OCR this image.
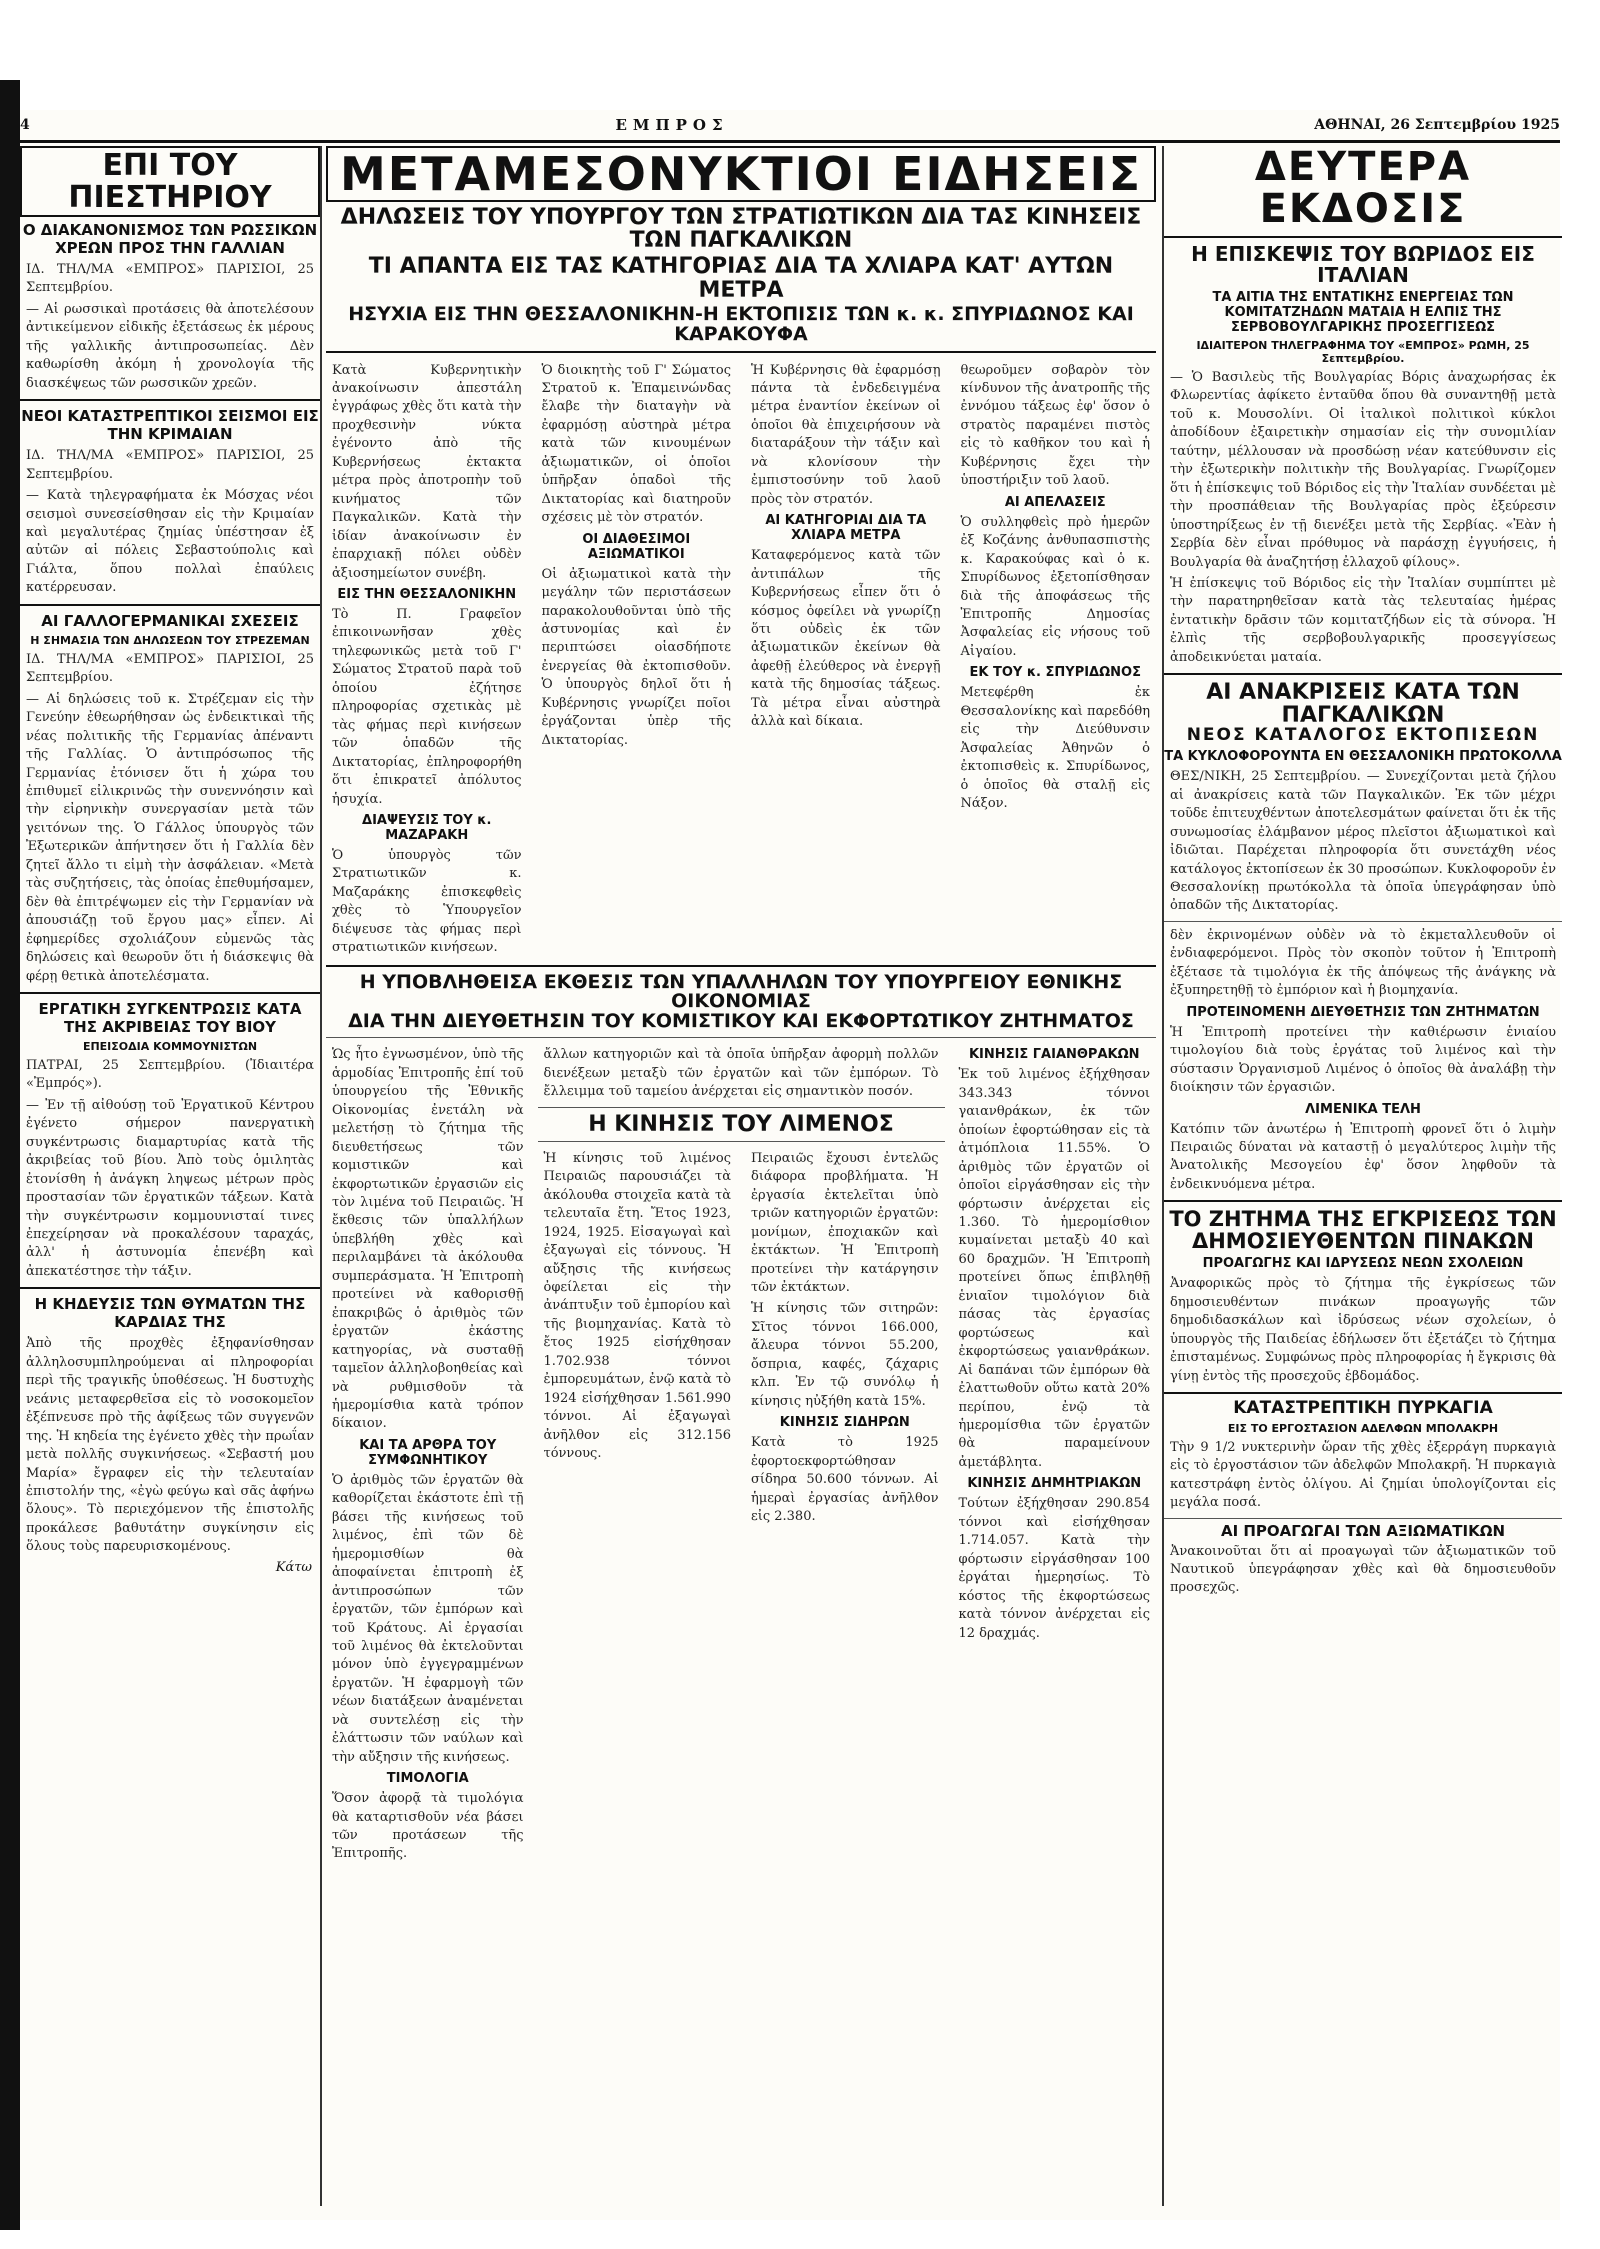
4	ΕΜΠΡΟΣ	ΑΘΗΝΑΙ, 26 Σεπτεμβρίου 1925

ΕΠΙ ΤΟΥ ΠΙΕΣΤΗΡΙΟΥ

Ο ΔΙΑΚΑΝΟΝΙΣΜΟΣ ΤΩΝ ΡΩΣΣΙΚΩΝ ΧΡΕΩΝ ΠΡΟΣ ΤΗΝ ΓΑΛΛΙΑΝ

ΙΔ. ΤΗΛ/ΜΑ «ΕΜΠΡΟΣ» ΠΑΡΙΣΙΟΙ, 25 Σεπτεμβρίου.

— Αἱ ρωσσικαὶ προτάσεις θὰ ἀποτελέσουν ἀντικείμενον εἰδικῆς ἐξετάσεως ἐκ μέρους τῆς γαλλικῆς ἀντιπροσωπείας. Δὲν καθωρίσθη ἀκόμη ἡ χρονολογία τῆς διασκέψεως τῶν ρωσσικῶν χρεῶν.

ΝΕΟΙ ΚΑΤΑΣΤΡΕΠΤΙΚΟΙ ΣΕΙΣΜΟΙ ΕΙΣ ΤΗΝ ΚΡΙΜΑΙΑΝ

ΙΔ. ΤΗΛ/ΜΑ «ΕΜΠΡΟΣ» ΠΑΡΙΣΙΟΙ, 25 Σεπτεμβρίου.

— Κατὰ τηλεγραφήματα ἐκ Μόσχας νέοι σεισμοὶ συνεσείσθησαν εἰς τὴν Κριμαίαν καὶ μεγαλυτέρας ζημίας ὑπέστησαν ἐξ αὐτῶν αἱ πόλεις Σεβαστούπολις καὶ Γιάλτα, ὅπου πολλαὶ ἐπαύλεις κατέρρευσαν.

ΑΙ ΓΑΛΛΟΓΕΡΜΑΝΙΚΑΙ ΣΧΕΣΕΙΣ

Η ΣΗΜΑΣΙΑ ΤΩΝ ΔΗΛΩΣΕΩΝ ΤΟΥ ΣΤΡΕΖΕΜΑΝ

ΙΔ. ΤΗΛ/ΜΑ «ΕΜΠΡΟΣ» ΠΑΡΙΣΙΟΙ, 25 Σεπτεμβρίου.

— Αἱ δηλώσεις τοῦ κ. Στρέζεμαν εἰς τὴν Γενεύην ἐθεωρήθησαν ὡς ἐνδεικτικαὶ τῆς νέας πολιτικῆς τῆς Γερμανίας ἀπέναντι τῆς Γαλλίας. Ὁ ἀντιπρόσωπος τῆς Γερμανίας ἐτόνισεν ὅτι ἡ χώρα του ἐπιθυμεῖ εἰλικρινῶς τὴν συνεννόησιν καὶ τὴν εἰρηνικὴν συνεργασίαν μετὰ τῶν γειτόνων της. Ὁ Γάλλος ὑπουργὸς τῶν Ἐξωτερικῶν ἀπήντησεν ὅτι ἡ Γαλλία δὲν ζητεῖ ἄλλο τι εἰμὴ τὴν ἀσφάλειαν. «Μετὰ τὰς συζητήσεις, τὰς ὁποίας ἐπεθυμήσαμεν, δὲν θὰ ἐπιτρέψωμεν εἰς τὴν Γερμανίαν νὰ ἀπουσιάζῃ τοῦ ἔργου μας» εἶπεν. Αἱ ἐφημερίδες σχολιάζουν εὐμενῶς τὰς δηλώσεις καὶ θεωροῦν ὅτι ἡ διάσκεψις θὰ φέρῃ θετικὰ ἀποτελέσματα.

ΕΡΓΑΤΙΚΗ ΣΥΓΚΕΝΤΡΩΣΙΣ ΚΑΤΑ ΤΗΣ ΑΚΡΙΒΕΙΑΣ ΤΟΥ ΒΙΟΥ

ΕΠΕΙΣΟΔΙΑ ΚΟΜΜΟΥΝΙΣΤΩΝ

ΠΑΤΡΑΙ, 25 Σεπτεμβρίου. (Ἰδιαιτέρα «Ἐμπρός»).

— Ἐν τῇ αἰθούσῃ τοῦ Ἐργατικοῦ Κέντρου ἐγένετο σήμερον πανεργατικὴ συγκέντρωσις διαμαρτυρίας κατὰ τῆς ἀκριβείας τοῦ βίου. Ἀπὸ τοὺς ὁμιλητὰς ἐτονίσθη ἡ ἀνάγκη ληψεως μέτρων πρὸς προστασίαν τῶν ἐργατικῶν τάξεων. Κατὰ τὴν συγκέντρωσιν κομμουνισταί τινες ἐπεχείρησαν νὰ προκαλέσουν ταραχάς, ἀλλ' ἡ ἀστυνομία ἐπενέβη καὶ ἀπεκατέστησε τὴν τάξιν.

Η ΚΗΔΕΥΣΙΣ ΤΩΝ ΘΥΜΑΤΩΝ ΤΗΣ ΚΑΡΔΙΑΣ ΤΗΣ

Ἀπὸ τῆς προχθὲς ἐξηφανίσθησαν ἀλληλοσυμπληρούμεναι αἱ πληροφορίαι περὶ τῆς τραγικῆς ὑποθέσεως. Ἡ δυστυχὴς νεάνις μεταφερθεῖσα εἰς τὸ νοσοκομεῖον ἐξέπνευσε πρὸ τῆς ἀφίξεως τῶν συγγενῶν της. Ἡ κηδεία της ἐγένετο χθὲς τὴν πρωΐαν μετὰ πολλῆς συγκινήσεως. «Σεβαστή μου Μαρία» ἔγραφεν εἰς τὴν τελευταίαν ἐπιστολήν της, «ἐγὼ φεύγω καὶ σᾶς ἀφήνω ὅλους». Τὸ περιεχόμενον τῆς ἐπιστολῆς προκάλεσε βαθυτάτην συγκίνησιν εἰς ὅλους τοὺς παρευρισκομένους.

Κάτω

ΜΕΤΑΜΕΣΟΝΥΚΤΙΟΙ ΕΙΔΗΣΕΙΣ

ΔΗΛΩΣΕΙΣ ΤΟΥ ΥΠΟΥΡΓΟΥ ΤΩΝ ΣΤΡΑΤΙΩΤΙΚΩΝ ΔΙΑ ΤΑΣ ΚΙΝΗΣΕΙΣ ΤΩΝ ΠΑΓΚΑΛΙΚΩΝ

ΤΙ ΑΠΑΝΤΑ ΕΙΣ ΤΑΣ ΚΑΤΗΓΟΡΙΑΣ ΔΙΑ ΤΑ ΧΛΙΑΡΑ ΚΑΤ' ΑΥΤΩΝ ΜΕΤΡΑ

ΗΣΥΧΙΑ ΕΙΣ ΤΗΝ ΘΕΣΣΑΛΟΝΙΚΗΝ-Η ΕΚΤΟΠΙΣΙΣ ΤΩΝ κ. κ. ΣΠΥΡΙΔΩΝΟΣ ΚΑΙ ΚΑΡΑΚΟΥΦΑ

Κατὰ Κυβερνητικὴν ἀνακοίνωσιν ἀπεστάλη ἐγγράφως χθὲς ὅτι κατὰ τὴν προχθεσινὴν νύκτα ἐγένοντο ἀπὸ τῆς Κυβερνήσεως ἐκτακτα μέτρα πρὸς ἀποτροπὴν τοῦ κινήματος τῶν Παγκαλικῶν. Κατὰ τὴν ἰδίαν ἀνακοίνωσιν ἐν ἐπαρχιακῇ πόλει οὐδὲν ἀξιοσημείωτον συνέβη.

ΕΙΣ ΤΗΝ ΘΕΣΣΑΛΟΝΙΚΗΝ

Τὸ Π. Γραφεῖον ἐπικοινωνῆσαν χθὲς τηλεφωνικῶς μετὰ τοῦ Γ' Σώματος Στρατοῦ παρὰ τοῦ ὁποίου ἐζήτησε πληροφορίας σχετικὰς μὲ τὰς φήμας περὶ κινήσεων τῶν ὁπαδῶν τῆς Δικτατορίας, ἐπληροφορήθη ὅτι ἐπικρατεῖ ἀπόλυτος ἡσυχία.

ΔΙΑΨΕΥΣΙΣ ΤΟΥ κ. ΜΑΖΑΡΑΚΗ

Ὁ ὑπουργὸς τῶν Στρατιωτικῶν κ. Μαζαράκης ἐπισκεφθεὶς χθὲς τὸ Ὑπουργεῖον διέψευσε τὰς φήμας περὶ στρατιωτικῶν κινήσεων.

Ὁ διοικητὴς τοῦ Γ' Σώματος Στρατοῦ κ. Ἐπαμεινώνδας ἔλαβε τὴν διαταγὴν νὰ ἐφαρμόσῃ αὐστηρὰ μέτρα κατὰ τῶν κινουμένων ἀξιωματικῶν, οἱ ὁποῖοι ὑπῆρξαν ὁπαδοὶ τῆς Δικτατορίας καὶ διατηροῦν σχέσεις μὲ τὸν στρατόν.

ΟΙ ΔΙΑΘΕΣΙΜΟΙ ΑΞΙΩΜΑΤΙΚΟΙ

Οἱ ἀξιωματικοὶ κατὰ τὴν μεγάλην τῶν περιστάσεων παρακολουθοῦνται ὑπὸ τῆς ἀστυνομίας καὶ ἐν περιπτώσει οἱασδήποτε ἐνεργείας θὰ ἐκτοπισθοῦν. Ὁ ὑπουργὸς δηλοῖ ὅτι ἡ Κυβέρνησις γνωρίζει ποῖοι ἐργάζονται ὑπὲρ τῆς Δικτατορίας.

Ἡ Κυβέρνησις θὰ ἐφαρμόσῃ πάντα τὰ ἐνδεδειγμένα μέτρα ἐναντίον ἐκείνων οἱ ὁποῖοι θὰ ἐπιχειρήσουν νὰ διαταράξουν τὴν τάξιν καὶ νὰ κλονίσουν τὴν ἐμπιστοσύνην τοῦ λαοῦ πρὸς τὸν στρατόν.

ΑΙ ΚΑΤΗΓΟΡΙΑΙ ΔΙΑ ΤΑ ΧΛΙΑΡΑ ΜΕΤΡΑ

Καταφερόμενος κατὰ τῶν ἀντιπάλων τῆς Κυβερνήσεως εἶπεν ὅτι ὁ κόσμος ὀφείλει νὰ γνωρίζῃ ὅτι οὐδεὶς ἐκ τῶν ἀξιωματικῶν ἐκείνων θὰ ἀφεθῇ ἐλεύθερος νὰ ἐνεργῇ κατὰ τῆς δημοσίας τάξεως. Τὰ μέτρα εἶναι αὐστηρὰ ἀλλὰ καὶ δίκαια.

θεωροῦμεν σοβαρὸν τὸν κίνδυνον τῆς ἀνατροπῆς τῆς ἐννόμου τάξεως ἐφ' ὅσον ὁ στρατὸς παραμένει πιστὸς εἰς τὸ καθῆκον του καὶ ἡ Κυβέρνησις ἔχει τὴν ὑποστήριξιν τοῦ λαοῦ.

ΑΙ ΑΠΕΛΑΣΕΙΣ

Ὁ συλληφθεὶς πρὸ ἡμερῶν ἐξ Κοζάνης ἀνθυπασπιστὴς κ. Καρακούφας καὶ ὁ κ. Σπυρίδωνος ἐξετοπίσθησαν διὰ τῆς ἀποφάσεως τῆς Ἐπιτροπῆς Δημοσίας Ἀσφαλείας εἰς νήσους τοῦ Αἰγαίου.

ΕΚ ΤΟΥ κ. ΣΠΥΡΙΔΩΝΟΣ

Μετεφέρθη ἐκ Θεσσαλονίκης καὶ παρεδόθη εἰς τὴν Διεύθυνσιν Ἀσφαλείας Ἀθηνῶν ὁ ἐκτοπισθεὶς κ. Σπυρίδωνος, ὁ ὁποῖος θὰ σταλῇ εἰς Νάξον.

Η ΥΠΟΒΛΗΘΕΙΣΑ ΕΚΘΕΣΙΣ ΤΩΝ ΥΠΑΛΛΗΛΩΝ ΤΟΥ ΥΠΟΥΡΓΕΙΟΥ ΕΘΝΙΚΗΣ ΟΙΚΟΝΟΜΙΑΣ

ΔΙΑ ΤΗΝ ΔΙΕΥΘΕΤΗΣΙΝ ΤΟΥ ΚΟΜΙΣΤΙΚΟΥ ΚΑΙ ΕΚΦΟΡΤΩΤΙΚΟΥ ΖΗΤΗΜΑΤΟΣ

Ὡς ἦτο ἐγνωσμένον, ὑπὸ τῆς ἁρμοδίας Ἐπιτροπῆς ἐπί τοῦ ὑπουργείου τῆς Ἐθνικῆς Οἰκονομίας ἐνετάλη νὰ μελετήσῃ τὸ ζήτημα τῆς διευθετήσεως τῶν κομιστικῶν καὶ ἐκφορτωτικῶν ἐργασιῶν εἰς τὸν λιμένα τοῦ Πειραιῶς. Ἡ ἔκθεσις τῶν ὑπαλλήλων ὑπεβλήθη χθὲς καὶ περιλαμβάνει τὰ ἀκόλουθα συμπεράσματα. Ἡ Ἐπιτροπὴ προτείνει νὰ καθορισθῇ ἐπακριβῶς ὁ ἀριθμὸς τῶν ἐργατῶν ἐκάστης κατηγορίας, νὰ συσταθῇ ταμεῖον ἀλληλοβοηθείας καὶ νὰ ρυθμισθοῦν τὰ ἡμερομίσθια κατὰ τρόπον δίκαιον.

ΚΑΙ ΤΑ ΑΡΘΡΑ ΤΟΥ ΣΥΜΦΩΝΗΤΙΚΟΥ

Ὁ ἀριθμὸς τῶν ἐργατῶν θὰ καθορίζεται ἑκάστοτε ἐπὶ τῇ βάσει τῆς κινήσεως τοῦ λιμένος, ἐπὶ τῶν δὲ ἡμερομισθίων θὰ ἀποφαίνεται ἐπιτροπὴ ἐξ ἀντιπροσώπων τῶν ἐργατῶν, τῶν ἐμπόρων καὶ τοῦ Κράτους. Αἱ ἐργασίαι τοῦ λιμένος θὰ ἐκτελοῦνται μόνον ὑπὸ ἐγγεγραμμένων ἐργατῶν. Ἡ ἐφαρμογὴ τῶν νέων διατάξεων ἀναμένεται νὰ συντελέσῃ εἰς τὴν ἐλάττωσιν τῶν ναύλων καὶ τὴν αὔξησιν τῆς κινήσεως.

ΤΙΜΟΛΟΓΙΑ

Ὅσον ἀφορᾷ τὰ τιμολόγια θὰ καταρτισθοῦν νέα βάσει τῶν προτάσεων τῆς Ἐπιτροπῆς.

ἄλλων κατηγοριῶν καὶ τὰ ὁποῖα ὑπῆρξαν ἀφορμὴ πολλῶν διενέξεων μεταξὺ τῶν ἐργατῶν καὶ τῶν ἐμπόρων. Τὸ ἔλλειμμα τοῦ ταμείου ἀνέρχεται εἰς σημαντικὸν ποσόν.

Η ΚΙΝΗΣΙΣ ΤΟΥ ΛΙΜΕΝΟΣ

Ἡ κίνησις τοῦ λιμένος Πειραιῶς παρουσιάζει τὰ ἀκόλουθα στοιχεῖα κατὰ τὰ τελευταῖα ἔτη. Ἔτος 1923, 1924, 1925. Εἰσαγωγαὶ καὶ ἐξαγωγαὶ εἰς τόννους. Ἡ αὔξησις τῆς κινήσεως ὀφείλεται εἰς τὴν ἀνάπτυξιν τοῦ ἐμπορίου καὶ τῆς βιομηχανίας. Κατὰ τὸ ἔτος 1925 εἰσήχθησαν 1.702.938 τόννοι ἐμπορευμάτων, ἐνῷ κατὰ τὸ 1924 εἰσήχθησαν 1.561.990 τόννοι. Αἱ ἐξαγωγαὶ ἀνῆλθον εἰς 312.156 τόννους.

Πειραιῶς ἔχουσι ἐντελῶς διάφορα προβλήματα. Ἡ ἐργασία ἐκτελεῖται ὑπὸ τριῶν κατηγοριῶν ἐργατῶν: μονίμων, ἐποχιακῶν καὶ ἐκτάκτων. Ἡ Ἐπιτροπὴ προτείνει τὴν κατάργησιν τῶν ἐκτάκτων.

Ἡ κίνησις τῶν σιτηρῶν: Σῖτος τόννοι 166.000, ἄλευρα τόννοι 55.200, ὄσπρια, καφές, ζάχαρις κλπ. Ἐν τῷ συνόλῳ ἡ κίνησις ηὐξήθη κατὰ 15%.

ΚΙΝΗΣΙΣ ΣΙΔΗΡΩΝ

Κατὰ τὸ 1925 ἐφορτοεκφορτώθησαν σίδηρα 50.600 τόννων. Αἱ ἡμεραὶ ἐργασίας ἀνῆλθον εἰς 2.380.

ΚΙΝΗΣΙΣ ΓΑΙΑΝΘΡΑΚΩΝ

Ἐκ τοῦ λιμένος ἐξήχθησαν 343.343 τόννοι γαιανθράκων, ἐκ τῶν ὁποίων ἐφορτώθησαν εἰς τὰ ἀτμόπλοια 11.55%. Ὁ ἀριθμὸς τῶν ἐργατῶν οἱ ὁποῖοι εἰργάσθησαν εἰς τὴν φόρτωσιν ἀνέρχεται εἰς 1.360. Τὸ ἡμερομίσθιον κυμαίνεται μεταξὺ 40 καὶ 60 δραχμῶν. Ἡ Ἐπιτροπὴ προτείνει ὅπως ἐπιβληθῇ ἑνιαῖον τιμολόγιον διὰ πάσας τὰς ἐργασίας φορτώσεως καὶ ἐκφορτώσεως γαιανθράκων. Αἱ δαπάναι τῶν ἐμπόρων θὰ ἐλαττωθοῦν οὕτω κατὰ 20% περίπου, ἐνῷ τὰ ἡμερομίσθια τῶν ἐργατῶν θὰ παραμείνουν ἀμετάβλητα.

ΚΙΝΗΣΙΣ ΔΗΜΗΤΡΙΑΚΩΝ

Τούτων ἐξήχθησαν 290.854 τόννοι καὶ εἰσήχθησαν 1.714.057. Κατὰ τὴν φόρτωσιν εἰργάσθησαν 100 ἐργάται ἡμερησίως. Τὸ κόστος τῆς ἐκφορτώσεως κατὰ τόννον ἀνέρχεται εἰς 12 δραχμάς.

ΔΕΥΤΕΡΑ ΕΚΔΟΣΙΣ

Η ΕΠΙΣΚΕΨΙΣ ΤΟΥ ΒΩΡΙΔΟΣ ΕΙΣ ΙΤΑΛΙΑΝ

ΤΑ ΑΙΤΙΑ ΤΗΣ ΕΝΤΑΤΙΚΗΣ ΕΝΕΡΓΕΙΑΣ ΤΩΝ ΚΟΜΙΤΑΤΖΗΔΩΝ ΜΑΤΑΙΑ Η ΕΛΠΙΣ ΤΗΣ ΣΕΡΒΟΒΟΥΛΓΑΡΙΚΗΣ ΠΡΟΣΕΓΓΙΣΕΩΣ

ΙΔΙΑΙΤΕΡΟΝ ΤΗΛΕΓΡΑΦΗΜΑ ΤΟΥ «ΕΜΠΡΟΣ» ΡΩΜΗ, 25 Σεπτεμβρίου.

— Ὁ Βασιλεὺς τῆς Βουλγαρίας Βόρις ἀναχωρήσας ἐκ Φλωρεντίας ἀφίκετο ἐνταῦθα ὅπου θὰ συναντηθῇ μετὰ τοῦ κ. Μουσολίνι. Οἱ ἰταλικοὶ πολιτικοὶ κύκλοι ἀποδίδουν ἐξαιρετικὴν σημασίαν εἰς τὴν συνομιλίαν ταύτην, μέλλουσαν νὰ προσδώσῃ νέαν κατεύθυνσιν εἰς τὴν ἐξωτερικὴν πολιτικὴν τῆς Βουλγαρίας. Γνωρίζομεν ὅτι ἡ ἐπίσκεψις τοῦ Βόριδος εἰς τὴν Ἰταλίαν συνδέεται μὲ τὴν προσπάθειαν τῆς Βουλγαρίας πρὸς ἐξεύρεσιν ὑποστηρίξεως ἐν τῇ διενέξει μετὰ τῆς Σερβίας. «Ἐὰν ἡ Σερβία δὲν εἶναι πρόθυμος νὰ παράσχῃ ἐγγυήσεις, ἡ Βουλγαρία θὰ ἀναζητήσῃ ἐλλαχοῦ φίλους».

Ἡ ἐπίσκεψις τοῦ Βόριδος εἰς τὴν Ἰταλίαν συμπίπτει μὲ τὴν παρατηρηθεῖσαν κατὰ τὰς τελευταίας ἡμέρας ἐντατικὴν δρᾶσιν τῶν κομιτατζήδων εἰς τὰ σύνορα. Ἡ ἐλπὶς τῆς σερβοβουλγαρικῆς προσεγγίσεως ἀποδεικνύεται ματαία.

ΑΙ ΑΝΑΚΡΙΣΕΙΣ ΚΑΤΑ ΤΩΝ ΠΑΓΚΑΛΙΚΩΝ

ΝΕΟΣ ΚΑΤΑΛΟΓΟΣ ΕΚΤΟΠΙΣΕΩΝ

ΤΑ ΚΥΚΛΟΦΟΡΟΥΝΤΑ ΕΝ ΘΕΣΣΑΛΟΝΙΚΗ ΠΡΩΤΟΚΟΛΛΑ

ΘΕΣ/ΝΙΚΗ, 25 Σεπτεμβρίου. — Συνεχίζονται μετὰ ζήλου αἱ ἀνακρίσεις κατὰ τῶν Παγκαλικῶν. Ἐκ τῶν μέχρι τοῦδε ἐπιτευχθέντων ἀποτελεσμάτων φαίνεται ὅτι ἐκ τῆς συνωμοσίας ἐλάμβανον μέρος πλεῖστοι ἀξιωματικοὶ καὶ ἰδιῶται. Παρέχεται πληροφορία ὅτι συνετάχθη νέος κατάλογος ἐκτοπίσεων ἐκ 30 προσώπων. Κυκλοφοροῦν ἐν Θεσσαλονίκῃ πρωτόκολλα τὰ ὁποῖα ὑπεγράφησαν ὑπὸ ὀπαδῶν τῆς Δικτατορίας.

δὲν ἐκρινομένων οὐδὲν νὰ τὸ ἐκμεταλλευθοῦν οἱ ἐνδιαφερόμενοι. Πρὸς τὸν σκοπὸν τοῦτον ἡ Ἐπιτροπὴ ἐξέτασε τὰ τιμολόγια ἐκ τῆς ἀπόψεως τῆς ἀνάγκης νὰ ἐξυπηρετηθῇ τὸ ἐμπόριον καὶ ἡ βιομηχανία.

ΠΡΟΤΕΙΝΟΜΕΝΗ ΔΙΕΥΘΕΤΗΣΙΣ ΤΩΝ ΖΗΤΗΜΑΤΩΝ

Ἡ Ἐπιτροπὴ προτείνει τὴν καθιέρωσιν ἑνιαίου τιμολογίου διὰ τοὺς ἐργάτας τοῦ λιμένος καὶ τὴν σύστασιν Ὀργανισμοῦ Λιμένος ὁ ὁποῖος θὰ ἀναλάβῃ τὴν διοίκησιν τῶν ἐργασιῶν.

ΛΙΜΕΝΙΚΑ ΤΕΛΗ

Κατόπιν τῶν ἀνωτέρω ἡ Ἐπιτροπὴ φρονεῖ ὅτι ὁ λιμὴν Πειραιῶς δύναται νὰ καταστῇ ὁ μεγαλύτερος λιμὴν τῆς Ἀνατολικῆς Μεσογείου ἐφ' ὅσον ληφθοῦν τὰ ἐνδεικνυόμενα μέτρα.

ΤΟ ΖΗΤΗΜΑ ΤΗΣ ΕΓΚΡΙΣΕΩΣ ΤΩΝ ΔΗΜΟΣΙΕΥΘΕΝΤΩΝ ΠΙΝΑΚΩΝ

ΠΡΟΑΓΩΓΗΣ ΚΑΙ ΙΔΡΥΣΕΩΣ ΝΕΩΝ ΣΧΟΛΕΙΩΝ

Ἀναφορικῶς πρὸς τὸ ζήτημα τῆς ἐγκρίσεως τῶν δημοσιευθέντων πινάκων προαγωγῆς τῶν δημοδιδασκάλων καὶ ἱδρύσεως νέων σχολείων, ὁ ὑπουργὸς τῆς Παιδείας ἐδήλωσεν ὅτι ἐξετάζει τὸ ζήτημα ἐπισταμένως. Συμφώνως πρὸς πληροφορίας ἡ ἔγκρισις θὰ γίνῃ ἐντὸς τῆς προσεχοῦς ἑβδομάδος.

ΚΑΤΑΣΤΡΕΠΤΙΚΗ ΠΥΡΚΑΓΙΑ

ΕΙΣ ΤΟ ΕΡΓΟΣΤΑΣΙΟΝ ΑΔΕΛΦΩΝ ΜΠΟΛΑΚΡΗ

Τὴν 9 1/2 νυκτερινὴν ὥραν τῆς χθὲς ἐξερράγη πυρκαγιὰ εἰς τὸ ἐργοστάσιον τῶν ἀδελφῶν Μπολακρῆ. Ἡ πυρκαγιὰ κατεστράφη ἐντὸς ὀλίγου. Αἱ ζημίαι ὑπολογίζονται εἰς μεγάλα ποσά.

ΑΙ ΠΡΟΑΓΩΓΑΙ ΤΩΝ ΑΞΙΩΜΑΤΙΚΩΝ

Ἀνακοινοῦται ὅτι αἱ προαγωγαὶ τῶν ἀξιωματικῶν τοῦ Ναυτικοῦ ὑπεγράφησαν χθὲς καὶ θὰ δημοσιευθοῦν προσεχῶς.
